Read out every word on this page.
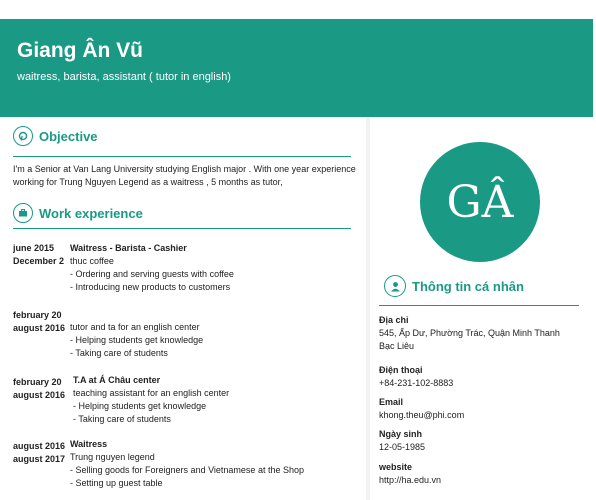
Giang Ân Vũ
waitress, barista, assistant ( tutor in english)
Objective
I'm a Senior at Van Lang University studying English major . With one year experience working for Trung Nguyen Legend as a waitress , 5 months as tutor,
Work experience
june 2015
December 2
Waitress - Barista - Cashier
thuc coffee
- Ordering and serving guests with coffee
- Introducing new products to customers
february 20
august 2016 tutor and ta for an english center
- Helping students get knowledge
- Taking care of students
february 20
august 2016
T.A at Á Châu center
teaching assistant for an english center
- Helping students get knowledge
- Taking care of students
august 2016
august 2017
Waitress
Trung nguyen legend
- Selling goods for Foreigners and Vietnamese at the Shop
- Setting up guest table
GÂ
Thông tin cá nhân
Địa chỉ
545, Ấp Dư, Phường Trác, Quận Minh Thanh
Bạc Liêu
Điện thoại
+84-231-102-8883
Email
khong.theu@phi.com
Ngày sinh
12-05-1985
website
http://ha.edu.vn
